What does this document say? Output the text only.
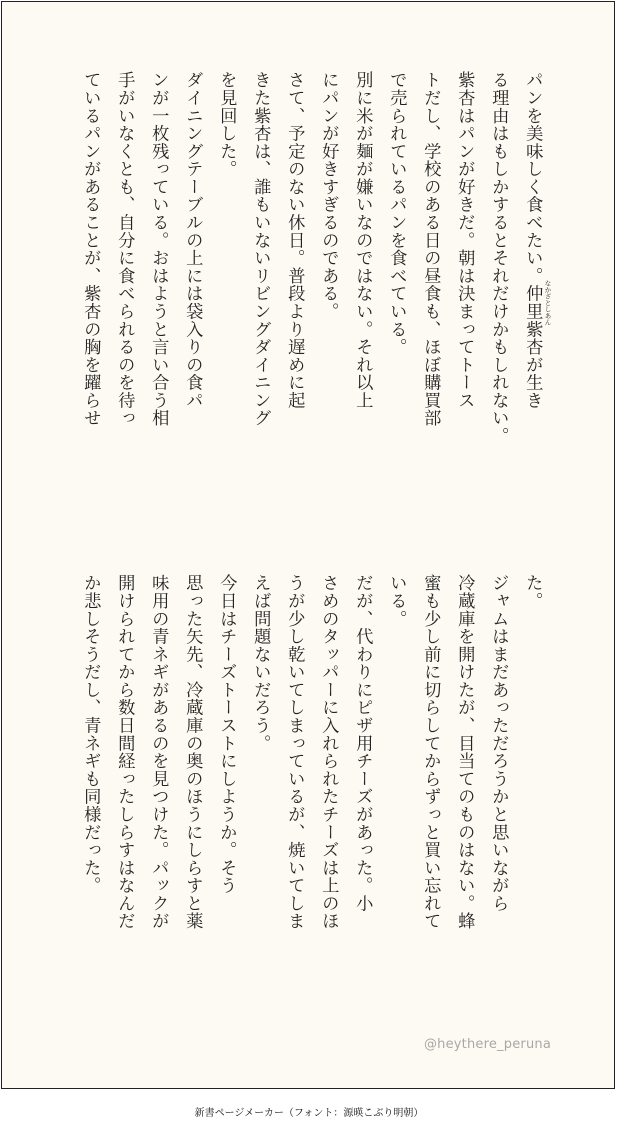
パンを美味しく食べたい。仲里紫杏が生き

る理由はもしかするとそれだけかもしれない。

紫杏はパンが好きだ。朝は決まってトース

トだし、学校のある日の昼食も、ほぼ購買部

で売られているパンを食べている。

別に米が麺が嫌いなのではない。それ以上

にパンが好きすぎるのである。

さて、予定のない休日。普段より遅めに起

きた紫杏は、誰もいないリビングダイニング

を見回した。

ダイニングテーブルの上には袋入りの食パ

ンが一枚残っている。おはようと言い合う相

手がいなくとも、自分に食べられるのを待っ

ているパンがあることが、紫杏の胸を躍らせ	なかざとしあん

た。

ジャムはまだあっただろうかと思いながら

冷蔵庫を開けたが、目当てのものはない。蜂

蜜も少し前に切らしてからずっと買い忘れて

いる。

だが、代わりにピザ用チーズがあった。小

さめのタッパーに入れられたチーズは上のほ

うが少し乾いてしまっているが、焼いてしま

えば問題ないだろう。

今日はチーズトーストにしようか。そう

思った矢先、冷蔵庫の奥のほうにしらすと薬

味用の青ネギがあるのを見つけた。パックが

開けられてから数日間経ったしらすはなんだ

か悲しそうだし、青ネギも同様だった。

@heythere_peruna
新書ページメーカー（フォント：源暎こぶり明朝）
